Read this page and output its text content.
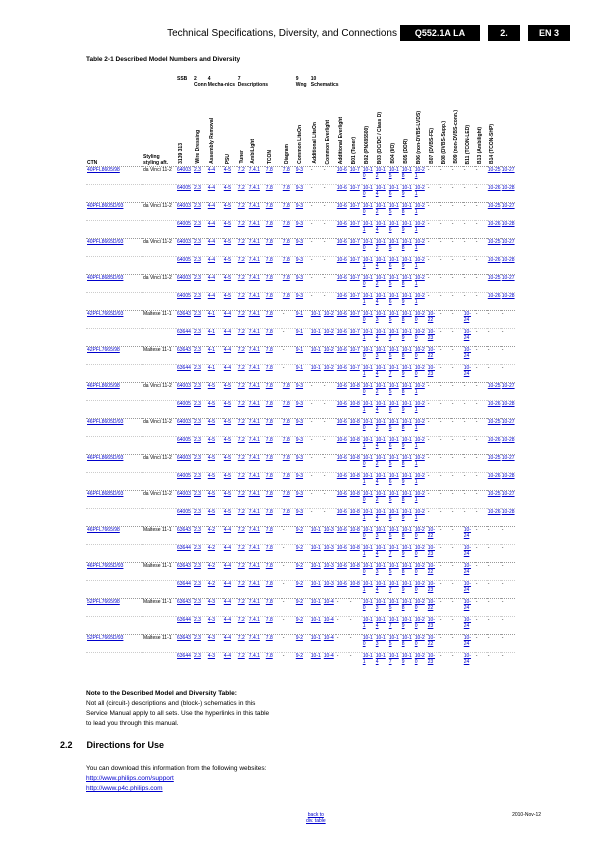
Technical Specifications, Diversity, and Connections	Q552.1A LA	2.	EN 3
Table 2-1 Described Model Numbers and Diversity
		SSB	2	4		7				9	10															
			Conn	Mecha-nics		Descriptions				Wng	Schematics															
CTN	Styling styling aft.	3139 313	Wire Dressing	Assembly Removal	PSU	Tuner	AmbiLight	TCON	Diagram	Common LiteOn	Additional LiteOn	Common Everlight	Additional Everlight	B01 (Tuner)	B02 (PNX85500)	B03 (DC/DC / Class D)	B04 (I/O)	B05 (DDR)	B06 (non-DVBS-LVDS)	B07 (DVBS-FE)	B08 (DVBS-Supp.)	B09 (non-DVBS-conn.)	B11 (TCON-LED)	B13 (Ambilight)	B14 (TCON-SHP)	

40PFL8605/98	da Vinci 11-2	64003	2.3	4-4	4-5	7.2	7.4.1	7.8	7.8	9-3	-	-	10-6	10-7	10-10	10-12	10-15	10-18	10-21	-	-	-	-	-	10-25	10-27
		64005	2.3	4-4	4-5	7.2	7.4.1	7.8	7.8	9-3	-	-	10-6	10-7	10-10	10-14	10-16	10-19	10-21	-	-	-	-	-	10-26	10-28
40PFL8605D/93	da Vinci 11-2	64003	2.3	4-4	4-5	7.2	7.4.1	7.8	7.8	9-3	-	-	10-6	10-7	10-10	10-12	10-15	10-18	10-21	-	-	-	-	-	10-25	10-27
		64005	2.3	4-4	4-5	7.2	7.4.1	7.8	7.8	9-3	-	-	10-6	10-7	10-11	10-14	10-16	10-19	10-21	-	-	-	-	-	10-26	10-28
40PFL8665D/93	da Vinci 11-2	64003	2.3	4-4	4-5	7.2	7.4.1	7.8	7.8	9-3	-	-	10-6	10-7	10-10	10-12	10-15	10-18	10-21	-	-	-	-	-	10-25	10-27
		64005	2.3	4-4	4-5	7.2	7.4.1	7.8	7.8	9-3	-	-	10-6	10-7	10-11	10-14	10-16	10-19	10-21	-	-	-	-	-	10-26	10-28
40PFL8685D/93	da Vinci 11-2	64003	2.3	4-4	4-5	7.2	7.4.1	7.8	7.8	9-3	-	-	10-6	10-7	10-10	10-12	10-15	10-18	10-21	-	-	-	-	-	10-25	10-27
		64005	2.3	4-4	4-5	7.2	7.4.1	7.8	7.8	9-3	-	-	10-6	10-7	10-11	10-14	10-16	10-19	10-21	-	-	-	-	-	10-26	10-28
42PFL7665D/93	Maltese 11-1	63643	2.3	4-1	4-4	7.2	7.4.1	7.8	-	9-1	10-1	10-2	10-6	10-7	10-10	10-13	10-15	10-18	10-20	10-22	-	-	10-24	-	-	-
		63644	2.3	4-1	4-4	7.2	7.4.1	7.8	-	9-1	10-1	10-2	10-6	10-7	10-11	10-14	10-17	10-19	10-20	10-23	-	-	10-24	-	-	-
42PFL7665/98	Maltese 11-1	63643	2.3	4-1	4-4	7.2	7.4.1	7.8	-	9-1	10-1	10-2	10-6	10-7	10-10	10-13	10-15	10-18	10-20	10-22	-	-	10-24	-	-	-
		63644	2.3	4-1	4-4	7.2	7.4.1	7.8	-	9-1	10-1	10-2	10-6	10-7	10-11	10-14	10-17	10-19	10-20	10-23	-	-	10-24	-	-	-
46PFL8605/98	da Vinci 11-2	64003	2.3	4-5	4-5	7.2	7.4.1	7.8	7.8	9-3	-	-	10-6	10-8	10-10	10-12	10-15	10-18	10-21	-	-	-	-	-	10-25	10-27
		64005	2.3	4-5	4-5	7.2	7.4.1	7.8	7.8	9-3	-	-	10-6	10-8	10-11	10-14	10-16	10-19	10-21	-	-	-	-	-	10-26	10-28
46PFL8605D/93	da Vinci 11-2	64003	2.3	4-5	4-5	7.2	7.4.1	7.8	7.8	9-3	-	-	10-6	10-8	10-10	10-12	10-15	10-18	10-21	-	-	-	-	-	10-25	10-27
		64005	2.3	4-5	4-5	7.2	7.4.1	7.8	7.8	9-3	-	-	10-6	10-8	10-11	10-14	10-16	10-19	10-21	-	-	-	-	-	10-26	10-28
46PFL8665D/93	da Vinci 11-2	64003	2.3	4-5	4-5	7.2	7.4.1	7.8	7.8	9-3	-	-	10-6	10-8	10-10	10-12	10-15	10-18	10-21	-	-	-	-	-	10-25	10-27
		64005	2.3	4-5	4-5	7.2	7.4.1	7.8	7.8	9-3	-	-	10-6	10-8	10-11	10-14	10-16	10-19	10-21	-	-	-	-	-	10-26	10-28
46PFL8685D/93	da Vinci 11-2	64003	2.3	4-5	4-5	7.2	7.4.1	7.8	7.8	9-3	-	-	10-6	10-8	10-10	10-12	10-15	10-18	10-21	-	-	-	-	-	10-25	10-27
		64005	2.3	4-5	4-5	7.2	7.4.1	7.8	7.8	9-3	-	-	10-6	10-8	10-11	10-14	10-16	10-19	10-21	-	-	-	-	-	10-26	10-28
46PFL7665/98	Maltese 11-1	63643	2.3	4-2	4-4	7.2	7.4.1	7.8	-	9-2	10-1	10-3	10-6	10-8	10-10	10-13	10-15	10-18	10-20	10-22	-	-	10-24	-	-	-
		63644	2.3	4-2	4-4	7.2	7.4.1	7.8	-	9-2	10-1	10-3	10-6	10-8	10-11	10-14	10-17	10-19	10-20	10-23	-	-	10-24	-	-	-
46PFL7665D/93	Maltese 11-1	63643	2.3	4-2	4-4	7.2	7.4.1	7.8	-	9-2	10-1	10-3	10-6	10-8	10-10	10-13	10-15	10-18	10-20	10-22	-	-	10-24	-	-	-
		63644	2.3	4-2	4-4	7.2	7.4.1	7.8	-	9-2	10-1	10-3	10-6	10-8	10-11	10-14	10-17	10-19	10-20	10-23	-	-	10-24	-	-	-
52PFL7665/98	Maltese 11-1	63643	2.3	4-3	4-4	7.2	7.4.1	7.8	-	9-2	10-1	10-4	-	-	10-10	10-13	10-15	10-18	10-20	10-22	-	-	10-24	-	-	-
		63644	2.3	4-3	4-4	7.2	7.4.1	7.8	-	9-2	10-1	10-4	-	-	10-11	10-14	10-17	10-19	10-20	10-23	-	-	10-24	-	-	-
52PFL7665D/93	Maltese 11-1	63643	2.3	4-3	4-4	7.2	7.4.1	7.8	-	9-2	10-1	10-4	-	-	10-10	10-13	10-15	10-18	10-20	10-22	-	-	10-24	-	-	-
		63644	2.3	4-3	4-4	7.2	7.4.1	7.8	-	9-2	10-1	10-4	-	-	10-11	10-14	10-17	10-19	10-20	10-23	-	-	10-24	-	-	-
Note to the Described Model and Diversity Table:
Not all (circuit-) descriptions and (block-) schematics in this
Service Manual apply to all sets. Use the hyperlinks in this table
to lead you through this manual.
2.2 Directions for Use
You can download this information from the following websites:
http://www.philips.com/support
http://www.p4c.philips.com
back to
div. table
2010-Nov-12
